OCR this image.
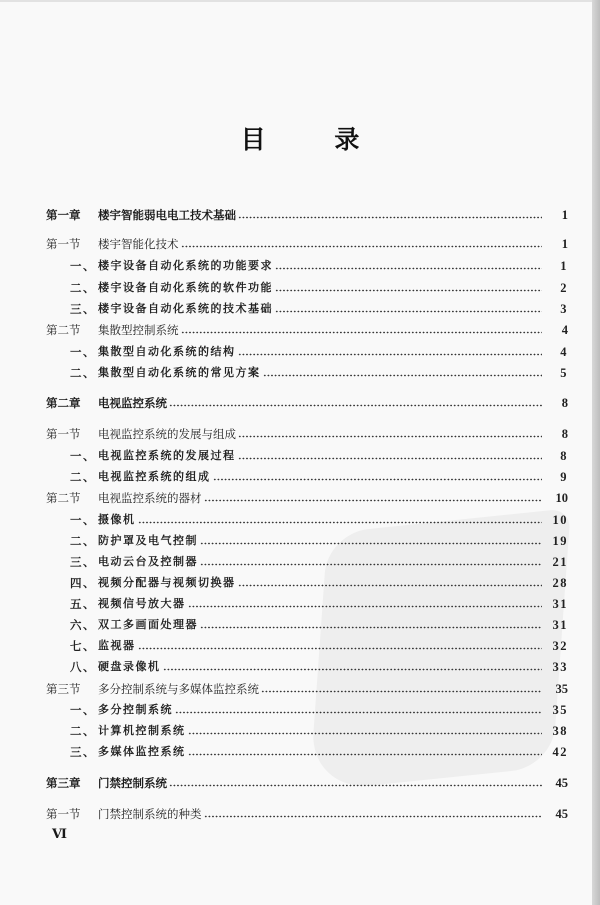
目 录
第一章	楼宇智能弱电电工技术基础	1
第一节	楼宇智能化技术	1
一、 楼宇设备自动化系统的功能要求	1
二、 楼宇设备自动化系统的软件功能	2
三、 楼宇设备自动化系统的技术基础	3
第二节	集散型控制系统	4
一、 集散型自动化系统的结构	4
二、 集散型自动化系统的常见方案	5
第二章	电视监控系统	8
第一节	电视监控系统的发展与组成	8
一、 电视监控系统的发展过程	8
二、 电视监控系统的组成	9
第二节	电视监控系统的器材	10
一、 摄像机	10
二、 防护罩及电气控制	19
三、 电动云台及控制器	21
四、 视频分配器与视频切换器	28
五、 视频信号放大器	31
六、 双工多画面处理器	31
七、 监视器	32
八、 硬盘录像机	33
第三节	多分控制系统与多媒体监控系统	35
一、 多分控制系统	35
二、 计算机控制系统	38
三、 多媒体监控系统	42
第三章	门禁控制系统	45
第一节	门禁控制系统的种类	45
Ⅵ
